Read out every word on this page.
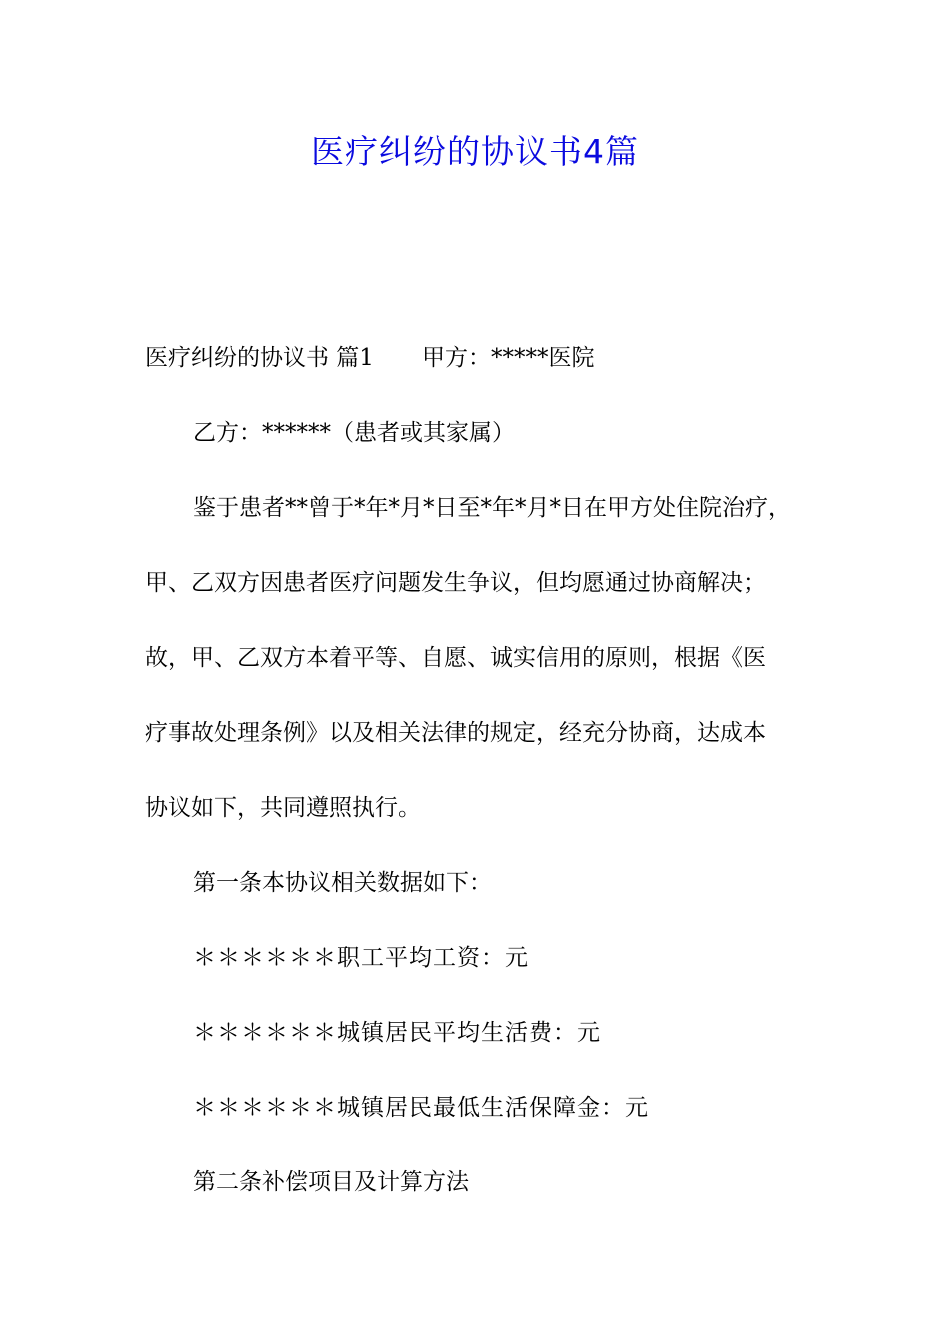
医疗纠纷的协议书4篇
医疗纠纷的协议书 篇1 甲方：*****医院
乙方：******（患者或其家属）
鉴于患者**曾于*年*月*日至*年*月*日在甲方处住院治疗，
甲、乙双方因患者医疗问题发生争议，但均愿通过协商解决；
故，甲、乙双方本着平等、自愿、诚实信用的原则，根据《医
疗事故处理条例》以及相关法律的规定，经充分协商，达成本
协议如下，共同遵照执行。
第一条本协议相关数据如下：
＊＊＊＊＊＊职工平均工资：元
＊＊＊＊＊＊城镇居民平均生活费：元
＊＊＊＊＊＊城镇居民最低生活保障金：元
第二条补偿项目及计算方法
